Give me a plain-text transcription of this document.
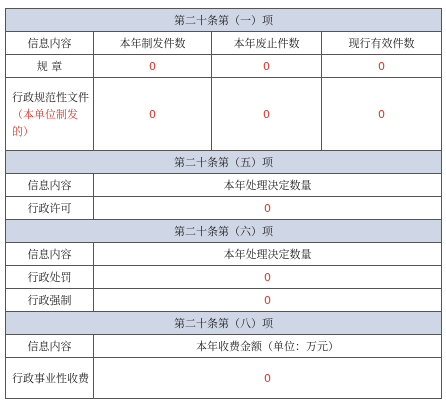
第二十条第（一）项			
信息内容	本年制发件数	本年废止件数	现行有效件数
规 章	0	0	0

行政规范性文件（本单位制发的）	0	0	0
第二十条第（五）项			
信息内容	本年处理决定数量		
行政许可	0		
第二十条第（六）项			
信息内容	本年处理决定数量		
行政处罚	0		
行政强制	0		
第二十条第（八）项			
信息内容	本年收费金额（单位：万元）		

行政事业性收费	0		
